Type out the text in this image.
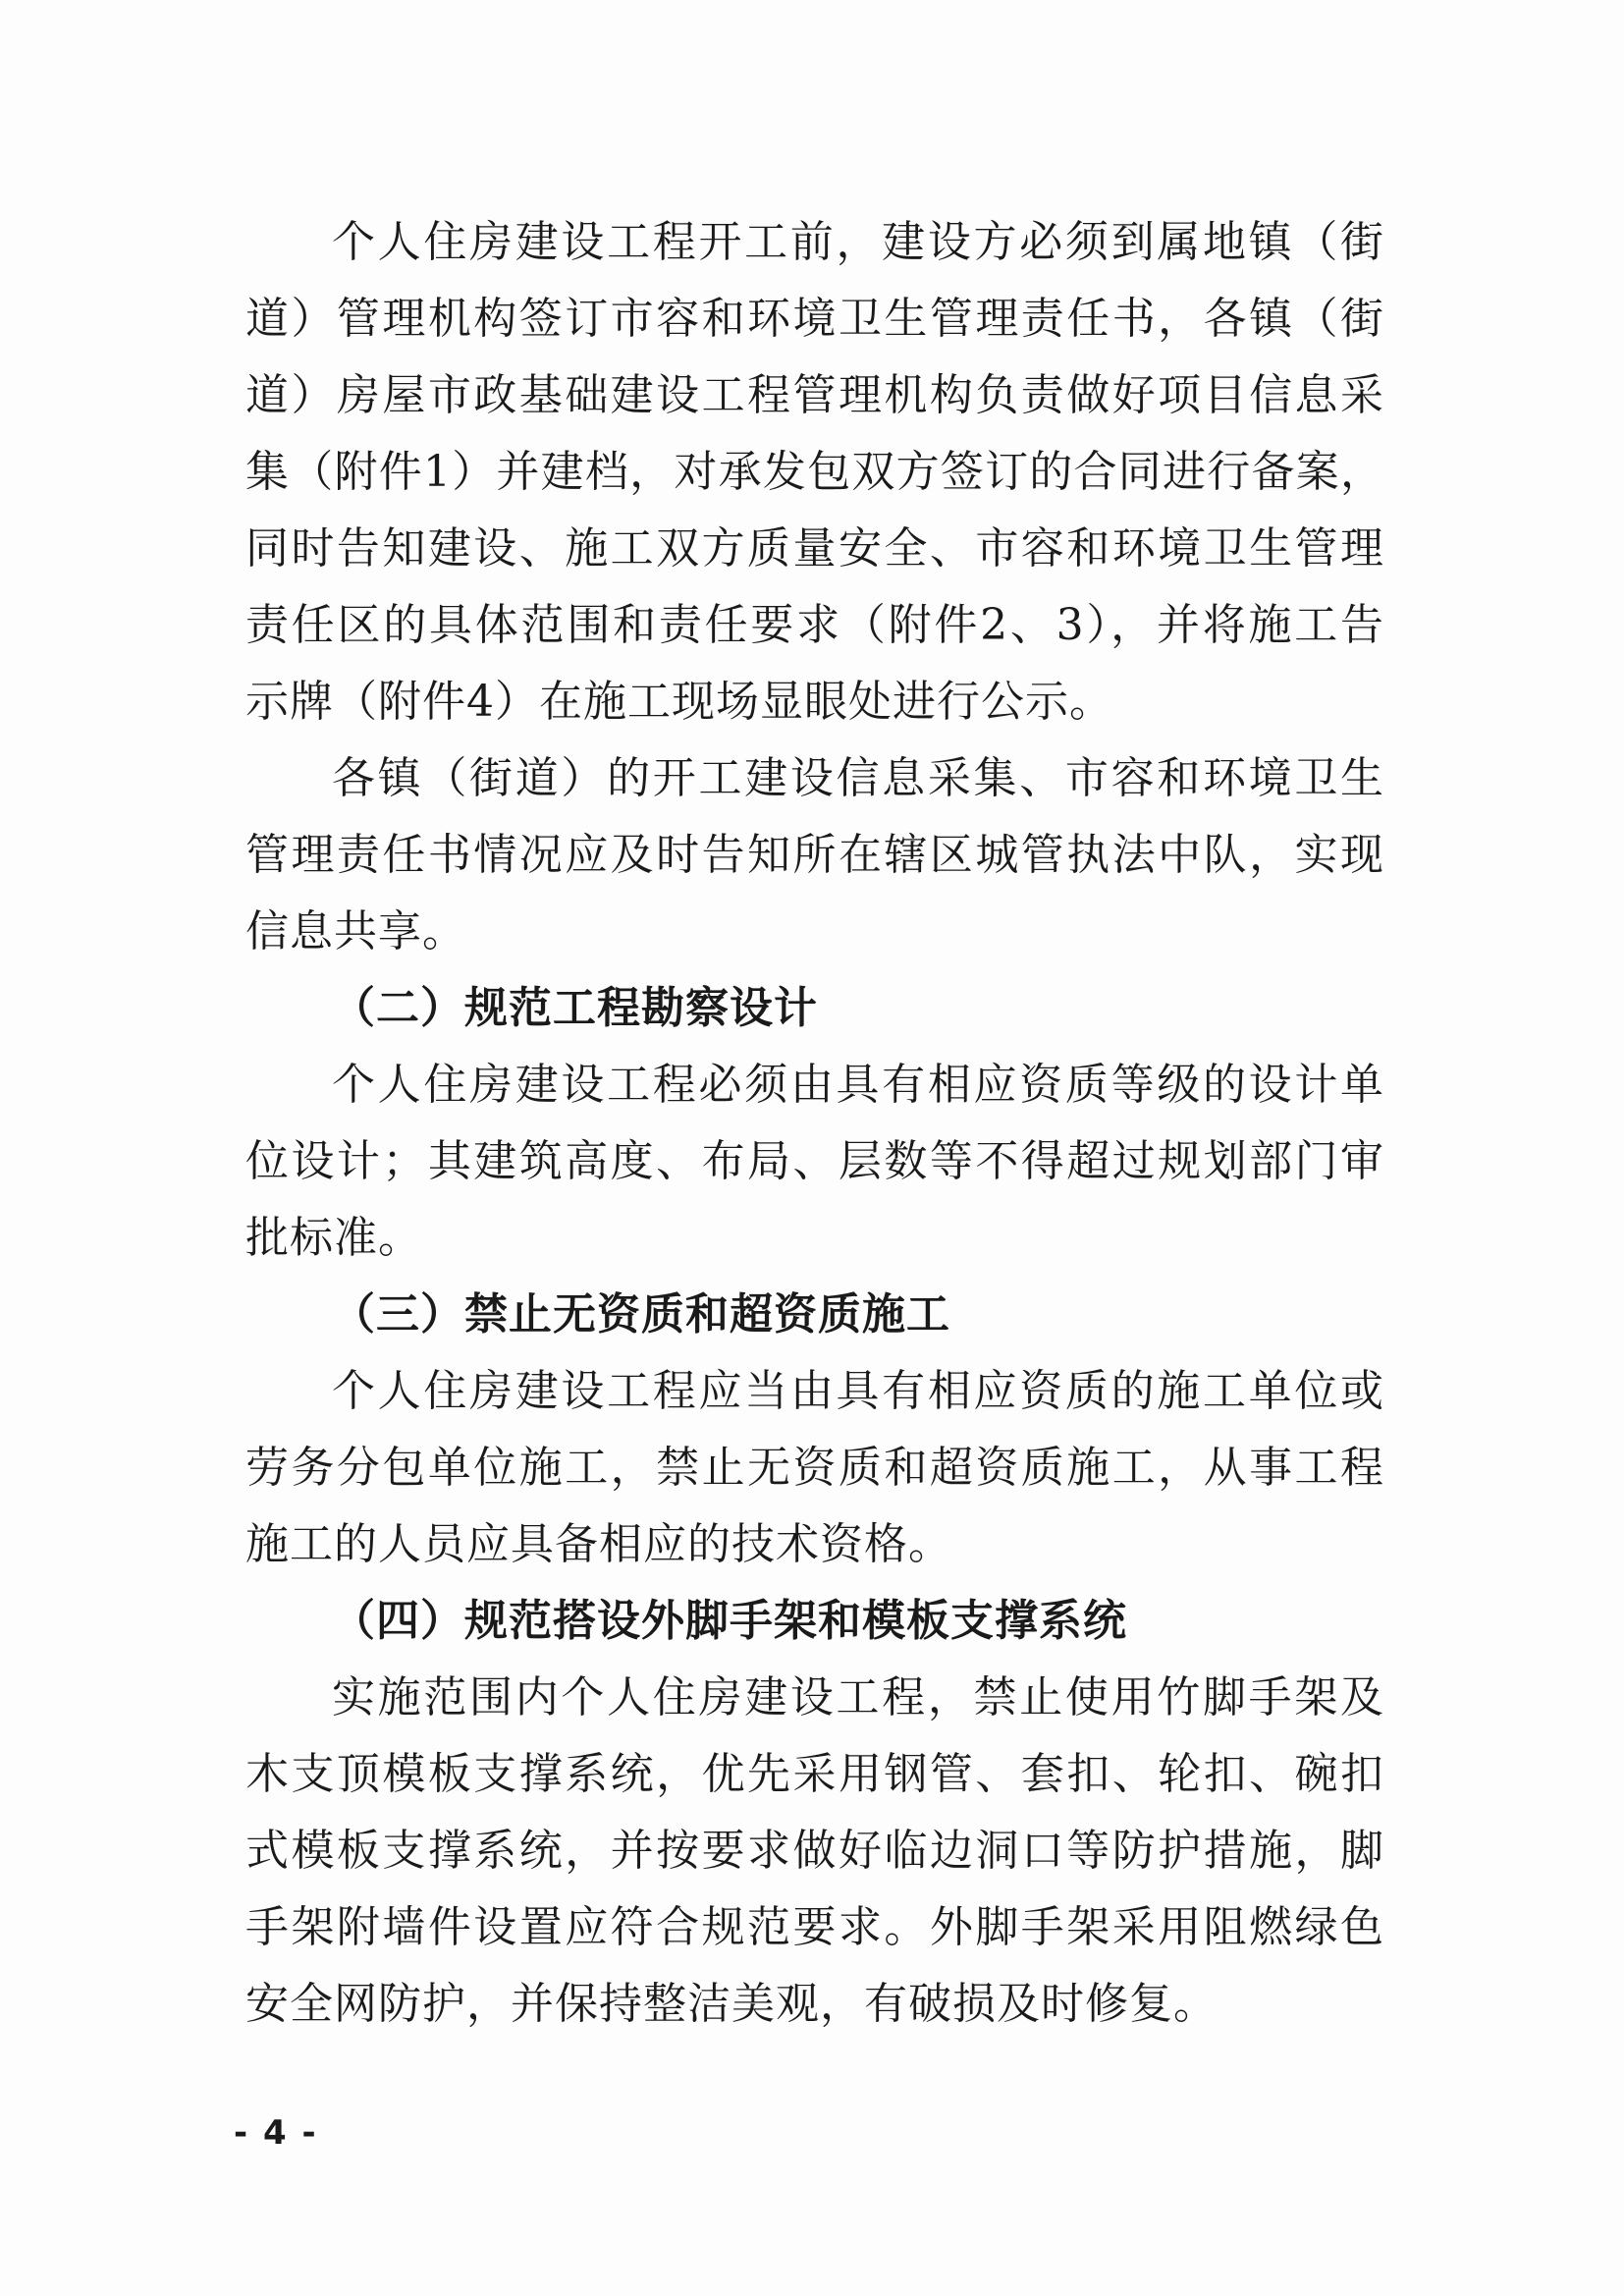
个人住房建设工程开工前，建设方必须到属地镇（街道）管理机构签订市容和环境卫生管理责任书，各镇（街道）房屋市政基础建设工程管理机构负责做好项目信息采集（附件1）并建档，对承发包双方签订的合同进行备案，同时告知建设、施工双方质量安全、市容和环境卫生管理责任区的具体范围和责任要求（附件2、3），并将施工告示牌（附件4）在施工现场显眼处进行公示。

各镇（街道）的开工建设信息采集、市容和环境卫生管理责任书情况应及时告知所在辖区城管执法中队，实现信息共享。

（二）规范工程勘察设计

个人住房建设工程必须由具有相应资质等级的设计单位设计；其建筑高度、布局、层数等不得超过规划部门审批标准。

（三）禁止无资质和超资质施工

个人住房建设工程应当由具有相应资质的施工单位或劳务分包单位施工，禁止无资质和超资质施工，从事工程施工的人员应具备相应的技术资格。

（四）规范搭设外脚手架和模板支撑系统

实施范围内个人住房建设工程，禁止使用竹脚手架及木支顶模板支撑系统，优先采用钢管、套扣、轮扣、碗扣式模板支撑系统，并按要求做好临边洞口等防护措施，脚手架附墙件设置应符合规范要求。外脚手架采用阻燃绿色安全网防护，并保持整洁美观，有破损及时修复。

- 4 -
